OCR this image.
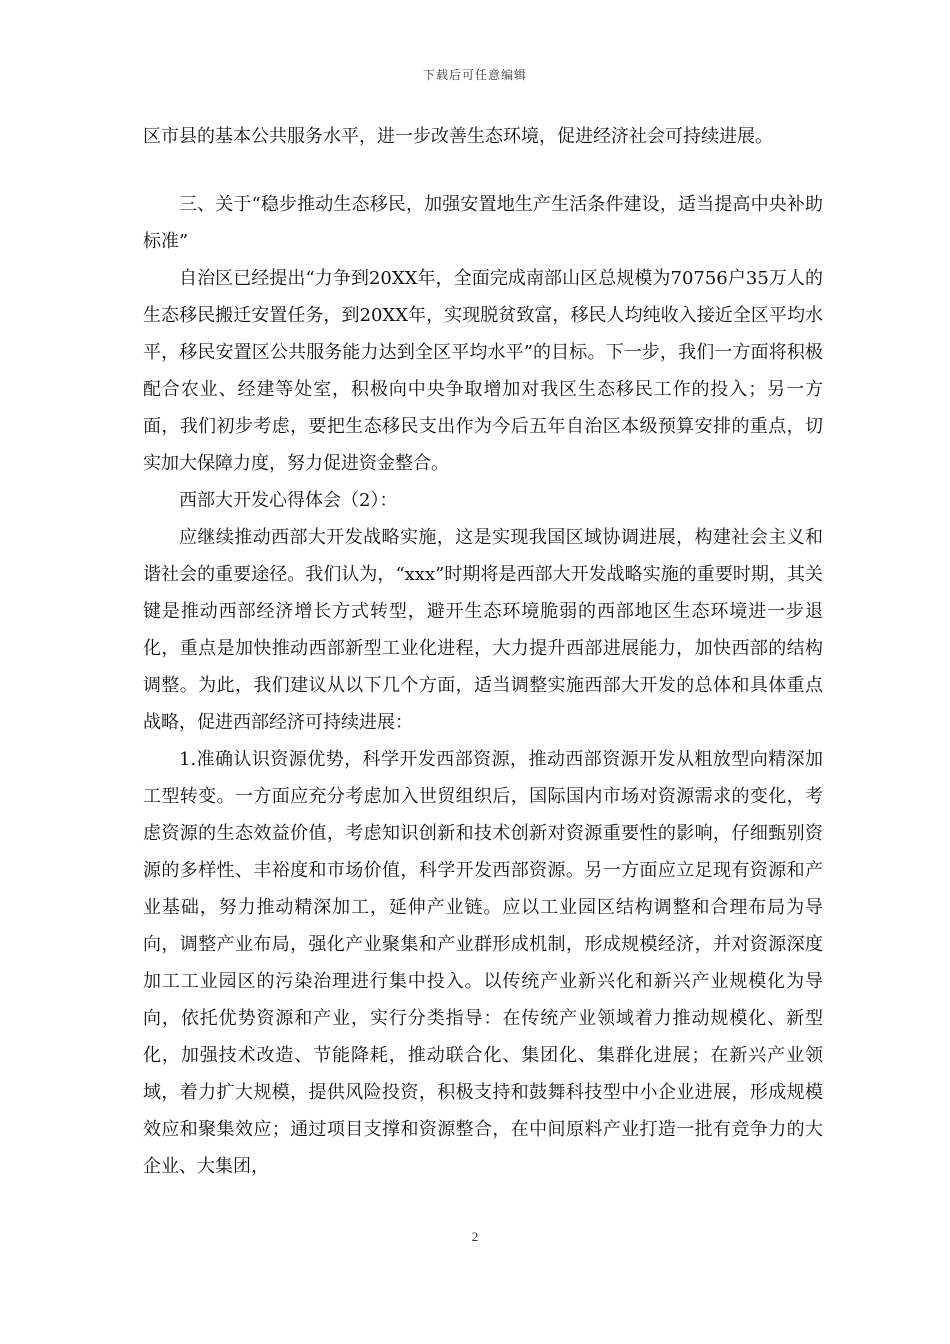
下载后可任意编辑

区市县的基本公共服务水平，进一步改善生态环境，促进经济社会可持续进展。

三、关于“稳步推动生态移民，加强安置地生产生活条件建设，适当提高中央补助标准”

自治区已经提出“力争到20XX年，全面完成南部山区总规模为70756户35万人的生态移民搬迁安置任务，到20XX年，实现脱贫致富，移民人均纯收入接近全区平均水平，移民安置区公共服务能力达到全区平均水平”的目标。下一步，我们一方面将积极配合农业、经建等处室，积极向中央争取增加对我区生态移民工作的投入；另一方面，我们初步考虑，要把生态移民支出作为今后五年自治区本级预算安排的重点，切实加大保障力度，努力促进资金整合。

西部大开发心得体会（2）：

应继续推动西部大开发战略实施，这是实现我国区域协调进展，构建社会主义和谐社会的重要途径。我们认为，“xxx”时期将是西部大开发战略实施的重要时期，其关键是推动西部经济增长方式转型，避开生态环境脆弱的西部地区生态环境进一步退化，重点是加快推动西部新型工业化进程，大力提升西部进展能力，加快西部的结构调整。为此，我们建议从以下几个方面，适当调整实施西部大开发的总体和具体重点战略，促进西部经济可持续进展：

1.准确认识资源优势，科学开发西部资源，推动西部资源开发从粗放型向精深加工型转变。一方面应充分考虑加入世贸组织后，国际国内市场对资源需求的变化，考虑资源的生态效益价值，考虑知识创新和技术创新对资源重要性的影响，仔细甄别资源的多样性、丰裕度和市场价值，科学开发西部资源。另一方面应立足现有资源和产业基础，努力推动精深加工，延伸产业链。应以工业园区结构调整和合理布局为导向，调整产业布局，强化产业聚集和产业群形成机制，形成规模经济，并对资源深度加工工业园区的污染治理进行集中投入。以传统产业新兴化和新兴产业规模化为导向，依托优势资源和产业，实行分类指导：在传统产业领域着力推动规模化、新型化，加强技术改造、节能降耗，推动联合化、集团化、集群化进展；在新兴产业领域，着力扩大规模，提供风险投资，积极支持和鼓舞科技型中小企业进展，形成规模效应和聚集效应；通过项目支撑和资源整合，在中间原料产业打造一批有竞争力的大企业、大集团，

2
